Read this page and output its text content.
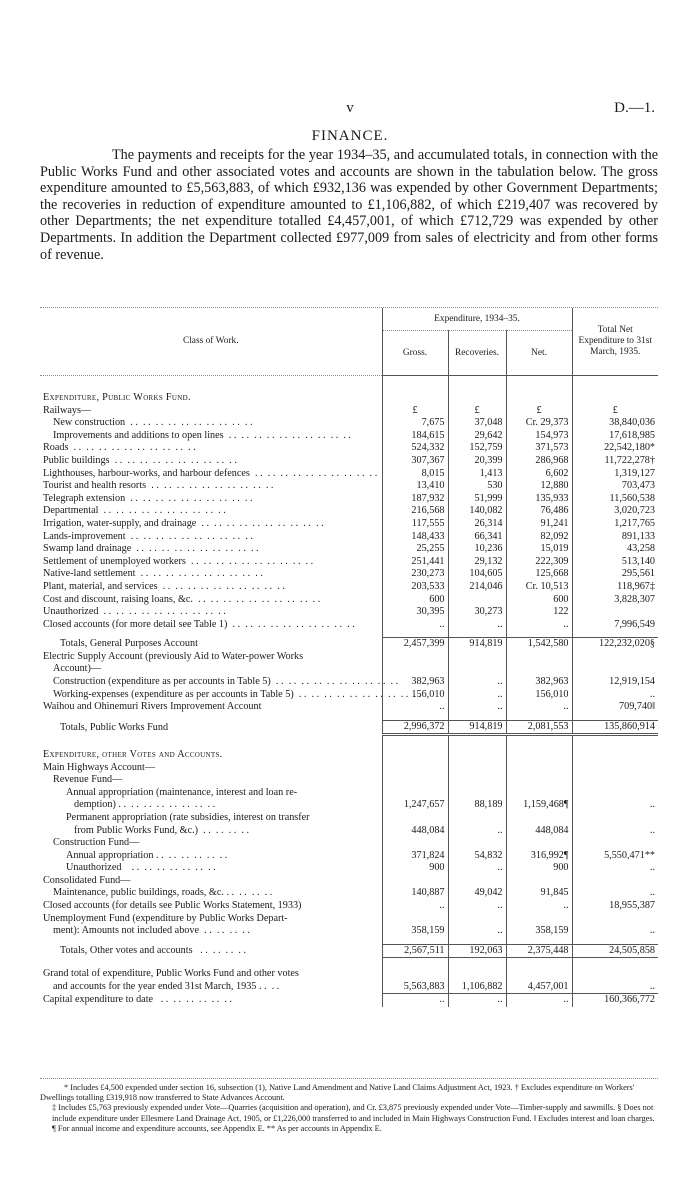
v	D.—1.
FINANCE.

The payments and receipts for the year 1934–35, and accumulated totals, in connection with the Public Works Fund and other associated votes and accounts are shown in the tabulation below. The gross expenditure amounted to £5,563,883, of which £932,136 was expended by other Government Departments; the recoveries in reduction of expenditure amounted to £1,106,882, of which £219,407 was recovered by other Departments; the net expenditure totalled £4,457,001, of which £712,729 was expended by other Departments. In addition the Department collected £977,009 from sales of electricity and from other forms of revenue.

Class of Work.	Expenditure, 1934–35.			Total Net Expenditure to 31st March, 1935.
	Gross.	Recoveries.	Net.	

Expenditure, Public Works Fund.				
Railways—	£	£	£	£
New construction  . .  . .  . .  . .  . .  . .  . .  . .  . .  . .	7,675	37,048	Cr. 29,373	38,840,036
Improvements and additions to open lines  . .  . .  . .  . .  . .  . .  . .  . .  . .  . .	184,615	29,642	154,973	17,618,985
Roads  . .  . .  . .  . .  . .  . .  . .  . .  . .  . .	524,332	152,759	371,573	22,542,180*
Public buildings  . .  . .  . .  . .  . .  . .  . .  . .  . .  . .	307,367	20,399	286,968	11,722,278†
Lighthouses, harbour-works, and harbour defences  . .  . .  . .  . .  . .  . .  . .  . .  . .  . .	8,015	1,413	6,602	1,319,127
Tourist and health resorts  . .  . .  . .  . .  . .  . .  . .  . .  . .  . .	13,410	530	12,880	703,473
Telegraph extension  . .  . .  . .  . .  . .  . .  . .  . .  . .  . .	187,932	51,999	135,933	11,560,538
Departmental  . .  . .  . .  . .  . .  . .  . .  . .  . .  . .	216,568	140,082	76,486	3,020,723
Irrigation, water-supply, and drainage  . .  . .  . .  . .  . .  . .  . .  . .  . .  . .	117,555	26,314	91,241	1,217,765
Lands-improvement  . .  . .  . .  . .  . .  . .  . .  . .  . .  . .	148,433	66,341	82,092	891,133
Swamp land drainage  . .  . .  . .  . .  . .  . .  . .  . .  . .  . .	25,255	10,236	15,019	43,258
Settlement of unemployed workers  . .  . .  . .  . .  . .  . .  . .  . .  . .  . .	251,441	29,132	222,309	513,140
Native-land settlement  . .  . .  . .  . .  . .  . .  . .  . .  . .  . .	230,273	104,605	125,668	295,561
Plant, material, and services  . .  . .  . .  . .  . .  . .  . .  . .  . .  . .	203,533	214,046	Cr. 10,513	118,967‡
Cost and discount, raising loans, &c.  . .  . .  . .  . .  . .  . .  . .  . .  . .  . .	600		600	3,828,307
Unauthorized  . .  . .  . .  . .  . .  . .  . .  . .  . .  . .	30,395	30,273	122	
Closed accounts (for more detail see Table 1)  . .  . .  . .  . .  . .  . .  . .  . .  . .  . .	..	..	..	7,996,549

Totals, General Purposes Account	2,457,399	914,819	1,542,580	122,232,020§
Electric Supply Account (previously Aid to Water-power Works				
Account)—				
Construction (expenditure as per accounts in Table 5)  . .  . .  . .  . .  . .  . .  . .  . .  . .  . .	382,963	..	382,963	12,919,154
Working-expenses (expenditure as per accounts in Table 5)  . .  . .  . .  . .  . .  . .  . .  . .  . .  . .	156,010	..	156,010	..
Waihou and Ohinemuri Rivers Improvement Account	..	..	..	709,740‖

Totals, Public Works Fund	2,996,372	914,819	2,081,553	135,860,914
Expenditure, other Votes and Accounts.				
Main Highways Account—				
Revenue Fund—				
Annual appropriation (maintenance, interest and loan re-				
demption) . .  . .  . .  . .  . .  . .  . .  . .	1,247,657	88,189	1,159,468¶	..
Permanent appropriation (rate subsidies, interest on transfer				
from Public Works Fund, &c.)  . .  . .  . .  . .	448,084	..	448,084	..
Construction Fund—				
Annual appropriation . .  . .  . .  . .  . .  . .	371,824	54,832	316,992¶	5,550,471**
Unauthorized    . .  . .  . .  . .  . .  . .  . .	900	..	900	..
Consolidated Fund—				
Maintenance, public buildings, roads, &c. . .  . .  . .  . .	140,887	49,042	91,845	..
Closed accounts (for details see Public Works Statement, 1933)	..	..	..	18,955,387
Unemployment Fund (expenditure by Public Works Depart-				
ment): Amounts not included above  . .  . .  . .  . .	358,159	..	358,159	..

Totals, Other votes and accounts   . .  . .  . .  . .	2,567,511	192,063	2,375,448	24,505,858

Grand total of expenditure, Public Works Fund and other votes				
and accounts for the year ended 31st March, 1935 . .  . .	5,563,883	1,106,882	4,457,001	..
Capital expenditure to date   . .  . .  . .  . .  . .  . .	..	..	..	160,366,772

* Includes £4,500 expended under section 16, subsection (1), Native Land Amendment and Native Land Claims Adjustment Act, 1923. † Excludes expenditure on Workers' Dwellings totalling £319,918 now transferred to State Advances Account.

‡ Includes £5,763 previously expended under Vote—Quarries (acquisition and operation), and Cr. £3,875 previously expended under Vote—Timber-supply and sawmills. § Does not include expenditure under Ellesmere Land Drainage Act, 1905, or £1,226,000 transferred to and included in Main Highways Construction Fund. ‖ Excludes interest and loan charges.

¶ For annual income and expenditure accounts, see Appendix E. ** As per accounts in Appendix E.
